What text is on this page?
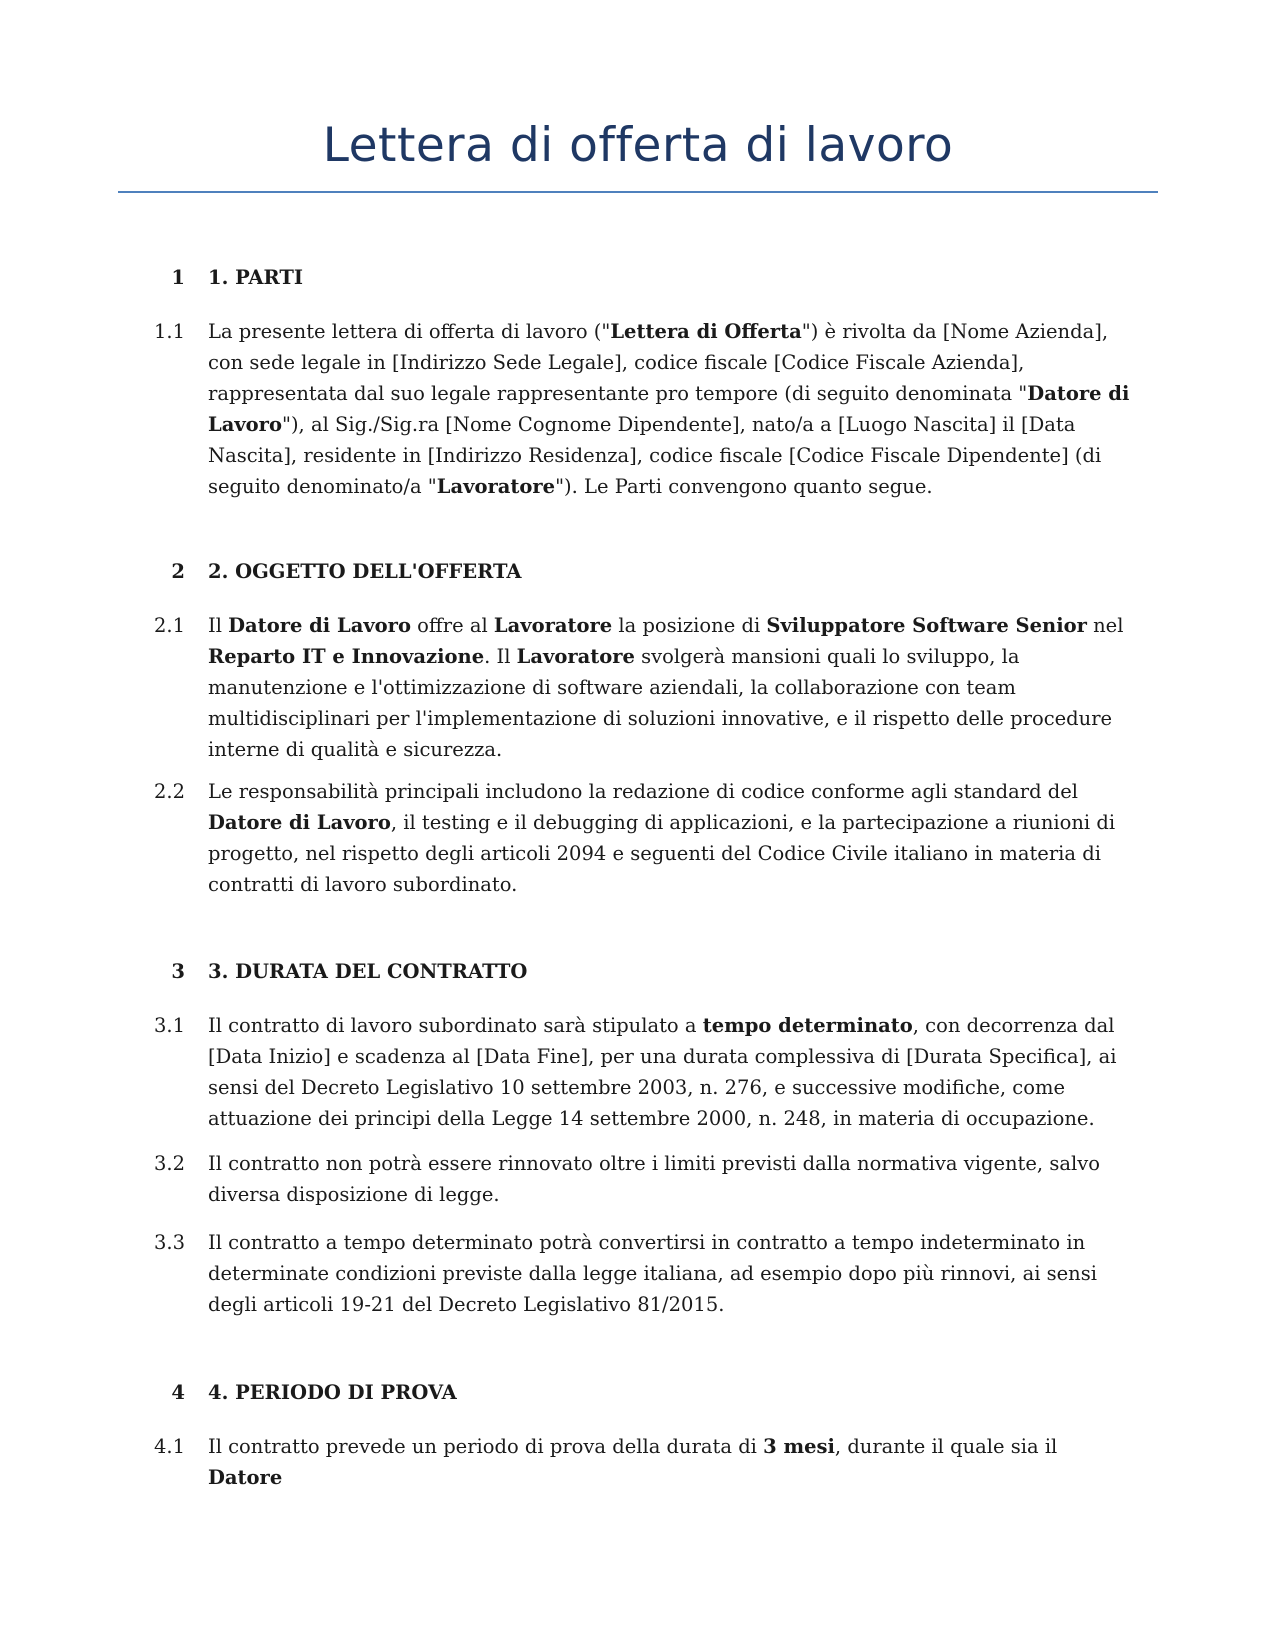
Lettera di offerta di lavoro
1 1. PARTI
1.1 La presente lettera di offerta di lavoro ("Lettera di Offerta") è rivolta da [Nome Azienda], con sede legale in [Indirizzo Sede Legale], codice fiscale [Codice Fiscale Azienda], rappresentata dal suo legale rappresentante pro tempore (di seguito denominata "Datore di Lavoro"), al Sig./Sig.ra [Nome Cognome Dipendente], nato/a a [Luogo Nascita] il [Data Nascita], residente in [Indirizzo Residenza], codice fiscale [Codice Fiscale Dipendente] (di seguito denominato/a "Lavoratore"). Le Parti convengono quanto segue.
2 2. OGGETTO DELL'OFFERTA
2.1 Il Datore di Lavoro offre al Lavoratore la posizione di Sviluppatore Software Senior nel Reparto IT e Innovazione. Il Lavoratore svolgerà mansioni quali lo sviluppo, la manutenzione e l'ottimizzazione di software aziendali, la collaborazione con team multidisciplinari per l'implementazione di soluzioni innovative, e il rispetto delle procedure interne di qualità e sicurezza.
2.2 Le responsabilità principali includono la redazione di codice conforme agli standard del Datore di Lavoro, il testing e il debugging di applicazioni, e la partecipazione a riunioni di progetto, nel rispetto degli articoli 2094 e seguenti del Codice Civile italiano in materia di contratti di lavoro subordinato.
3 3. DURATA DEL CONTRATTO
3.1 Il contratto di lavoro subordinato sarà stipulato a tempo determinato, con decorrenza dal [Data Inizio] e scadenza al [Data Fine], per una durata complessiva di [Durata Specifica], ai sensi del Decreto Legislativo 10 settembre 2003, n. 276, e successive modifiche, come attuazione dei principi della Legge 14 settembre 2000, n. 248, in materia di occupazione.
3.2 Il contratto non potrà essere rinnovato oltre i limiti previsti dalla normativa vigente, salvo diversa disposizione di legge.
3.3 Il contratto a tempo determinato potrà convertirsi in contratto a tempo indeterminato in determinate condizioni previste dalla legge italiana, ad esempio dopo più rinnovi, ai sensi degli articoli 19-21 del Decreto Legislativo 81/2015.
4 4. PERIODO DI PROVA
4.1 Il contratto prevede un periodo di prova della durata di 3 mesi, durante il quale sia il Datore
